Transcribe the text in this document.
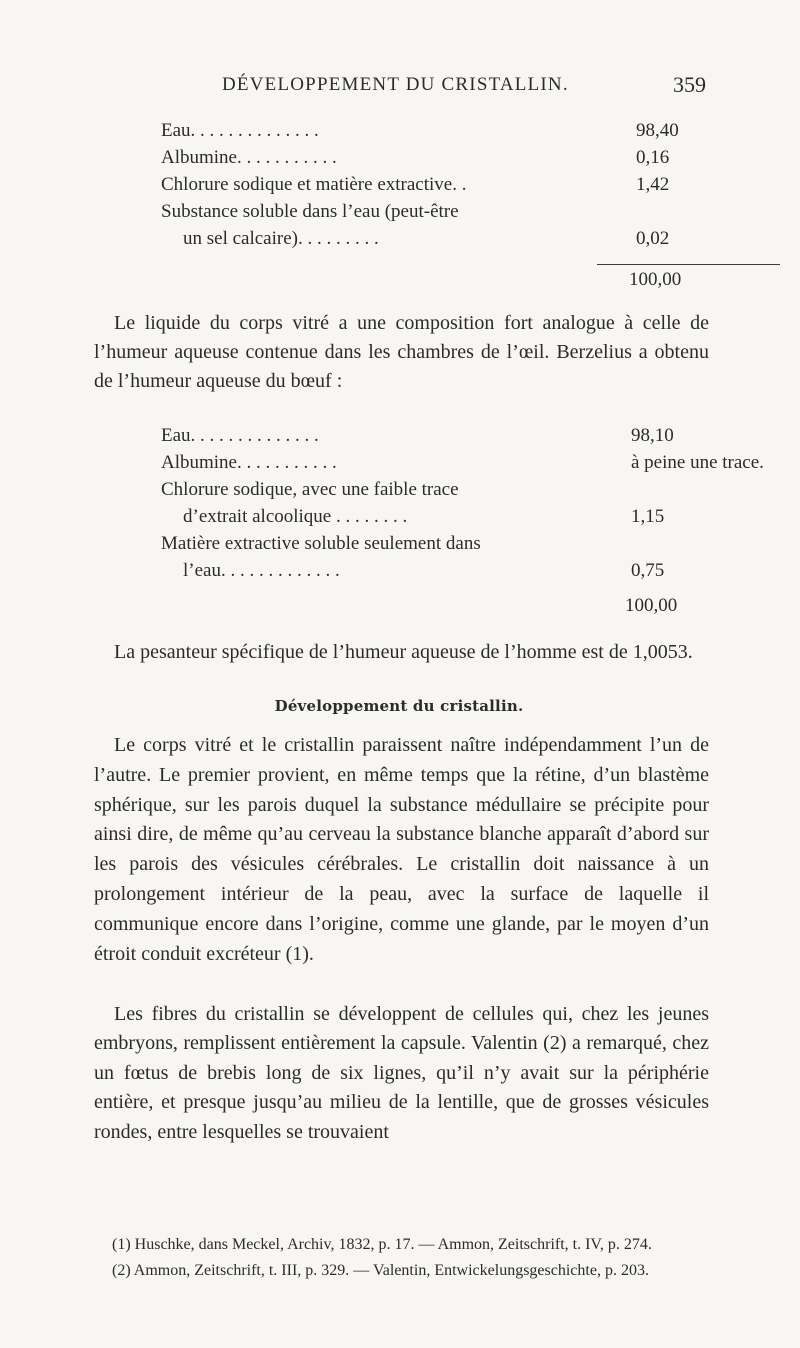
DÉVELOPPEMENT DU CRISTALLIN.	359
Eau. . . . . . . . . . . . . .	98,40
Albumine. . . . . . . . . . .	0,16
Chlorure sodique et matière extractive. .	1,42
Substance soluble dans l’eau (peut-être
un sel calcaire). . . . . . . . .	0,02
100,00
Le liquide du corps vitré a une composition fort analogue à celle de l’humeur aqueuse contenue dans les chambres de l’œil. Berzelius a obtenu de l’humeur aqueuse du bœuf :
Eau. . . . . . . . . . . . . .	98,10
Albumine. . . . . . . . . . .	à peine une trace.
Chlorure sodique, avec une faible trace
d’extrait alcoolique . . . . . . . .	1,15
Matière extractive soluble seulement dans
l’eau. . . . . . . . . . . . .	0,75
100,00
La pesanteur spécifique de l’humeur aqueuse de l’homme est de 1,0053.
Développement du cristallin.
Le corps vitré et le cristallin paraissent naître indépendamment l’un de l’autre. Le premier provient, en même temps que la rétine, d’un blastème sphérique, sur les parois duquel la substance médullaire se précipite pour ainsi dire, de même qu’au cerveau la substance blanche apparaît d’abord sur les parois des vésicules cérébrales. Le cristallin doit naissance à un prolongement intérieur de la peau, avec la surface de laquelle il communique encore dans l’origine, comme une glande, par le moyen d’un étroit conduit excréteur (1).
Les fibres du cristallin se développent de cellules qui, chez les jeunes embryons, remplissent entièrement la capsule. Valentin (2) a remarqué, chez un fœtus de brebis long de six lignes, qu’il n’y avait sur la périphérie entière, et presque jusqu’au milieu de la lentille, que de grosses vésicules rondes, entre lesquelles se trouvaient

(1) Huschke, dans Meckel, Archiv, 1832, p. 17. — Ammon, Zeitschrift, t. IV, p. 274.

(2) Ammon, Zeitschrift, t. III, p. 329. — Valentin, Entwickelungsgeschichte, p. 203.
